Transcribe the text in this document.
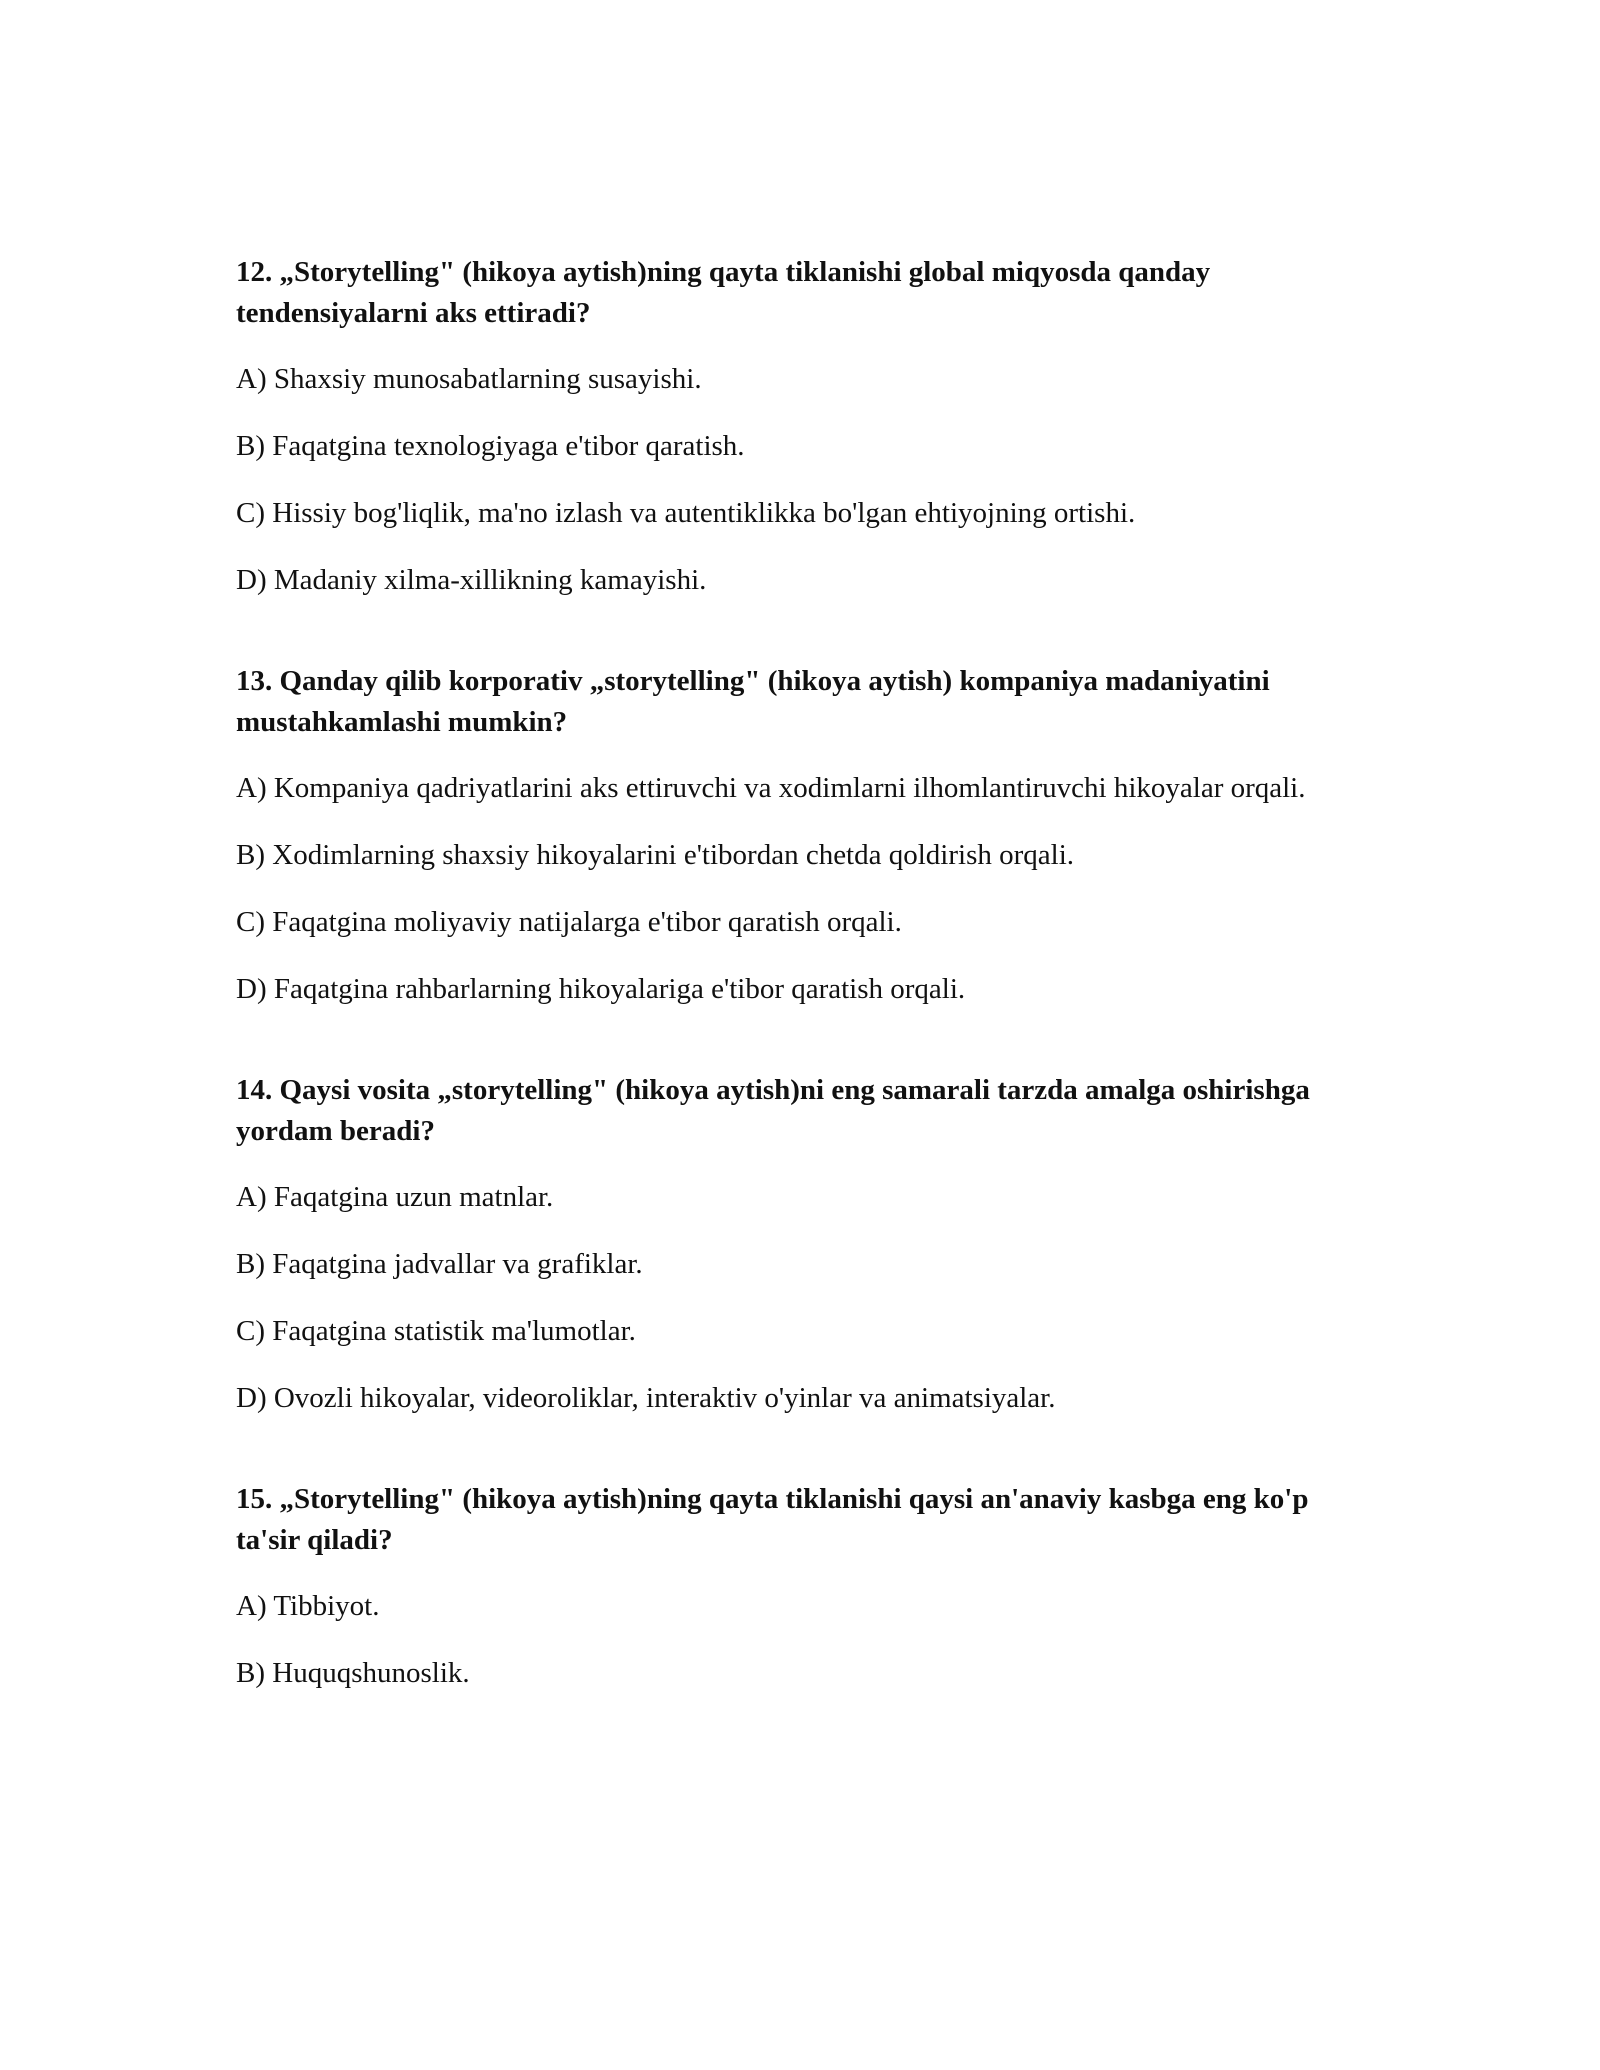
12. „Storytelling" (hikoya aytish)ning qayta tiklanishi global miqyosda qanday tendensiyalarni aks ettiradi?
A) Shaxsiy munosabatlarning susayishi.
B) Faqatgina texnologiyaga e'tibor qaratish.
C) Hissiy bog'liqlik, ma'no izlash va autentiklikka bo'lgan ehtiyojning ortishi.
D) Madaniy xilma-xillikning kamayishi.
13. Qanday qilib korporativ „storytelling" (hikoya aytish) kompaniya madaniyatini mustahkamlashi mumkin?
A) Kompaniya qadriyatlarini aks ettiruvchi va xodimlarni ilhomlantiruvchi hikoyalar orqali.
B) Xodimlarning shaxsiy hikoyalarini e'tibordan chetda qoldirish orqali.
C) Faqatgina moliyaviy natijalarga e'tibor qaratish orqali.
D) Faqatgina rahbarlarning hikoyalariga e'tibor qaratish orqali.
14. Qaysi vosita „storytelling" (hikoya aytish)ni eng samarali tarzda amalga oshirishga yordam beradi?
A) Faqatgina uzun matnlar.
B) Faqatgina jadvallar va grafiklar.
C) Faqatgina statistik ma'lumotlar.
D) Ovozli hikoyalar, videoroliklar, interaktiv o'yinlar va animatsiyalar.
15. „Storytelling" (hikoya aytish)ning qayta tiklanishi qaysi an'anaviy kasbga eng ko'p ta'sir qiladi?
A) Tibbiyot.
B) Huquqshunoslik.
